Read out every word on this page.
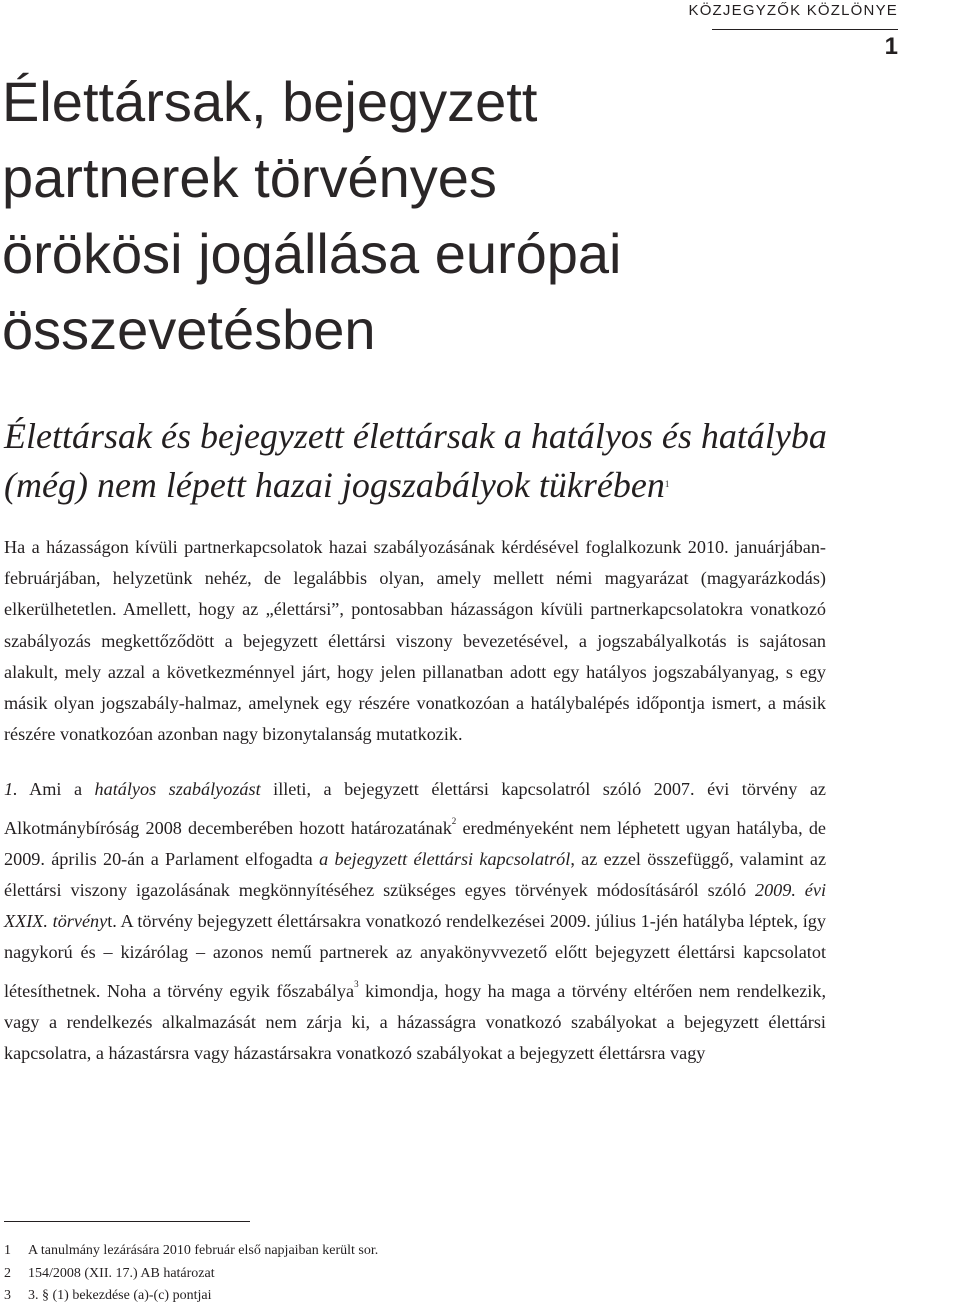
KÖZJEGYZŐK KÖZLÖNYE
1
Élettársak, bejegyzett
partnerek törvényes
örökösi jogállása európai
összevetésben
Élettársak és bejegyzett élettársak a hatályos és hatályba
(még) nem lépett hazai jogszabályok tükrében$^1$

Ha a házasságon kívüli partnerkapcsolatok hazai szabályozásának kérdésével foglalkozunk 2010. januárjában-februárjában, helyzetünk nehéz, de legalábbis olyan, amely mellett némi magyarázat (magyarázkodás) elkerülhetetlen. Amellett, hogy az „élettársi”, pontosabban házasságon kívüli partnerkapcsolatokra vonatkozó szabályozás megkettőződött a bejegyzett élettársi viszony bevezetésével, a jogszabályalkotás is sajátosan alakult, mely azzal a következménnyel járt, hogy jelen pillanatban adott egy hatályos jogszabályanyag, s egy másik olyan jogszabály-halmaz, amelynek egy részére vonatkozóan a hatálybalépés időpontja ismert, a másik részére vonatkozóan azonban nagy bizonytalanság mutatkozik.

1. Ami a hatályos szabályozást illeti, a bejegyzett élettársi kapcsolatról szóló 2007. évi törvény az Alkotmánybíróság 2008 decemberében hozott határozatának$^2$ eredményeként nem léphetett ugyan hatályba, de 2009. április 20-án a Parlament elfogadta a bejegyzett élettársi kapcsolatról, az ezzel összefüggő, valamint az élettársi viszony igazolásának megkönnyítéséhez szükséges egyes törvények módosításáról szóló 2009. évi XXIX. törvényt. A törvény bejegyzett élettársakra vonatkozó rendelkezései 2009. július 1-jén hatályba léptek, így nagykorú és – kizárólag – azonos nemű partnerek az anyakönyvvezető előtt bejegyzett élettársi kapcsolatot létesíthetnek. Noha a törvény egyik főszabálya$^3$ kimondja, hogy ha maga a törvény eltérően nem rendelkezik, vagy a rendelkezés alkalmazását nem zárja ki, a házasságra vonatkozó szabályokat a bejegyzett élettársi kapcsolatra, a házastársra vagy házastársakra vonatkozó szabályokat a bejegyzett élettársra vagy

1	A tanulmány lezárására 2010 február első napjaiban került sor.
2	154/2008 (XII. 17.) AB határozat
3	3. § (1) bekezdése (a)-(c) pontjai
